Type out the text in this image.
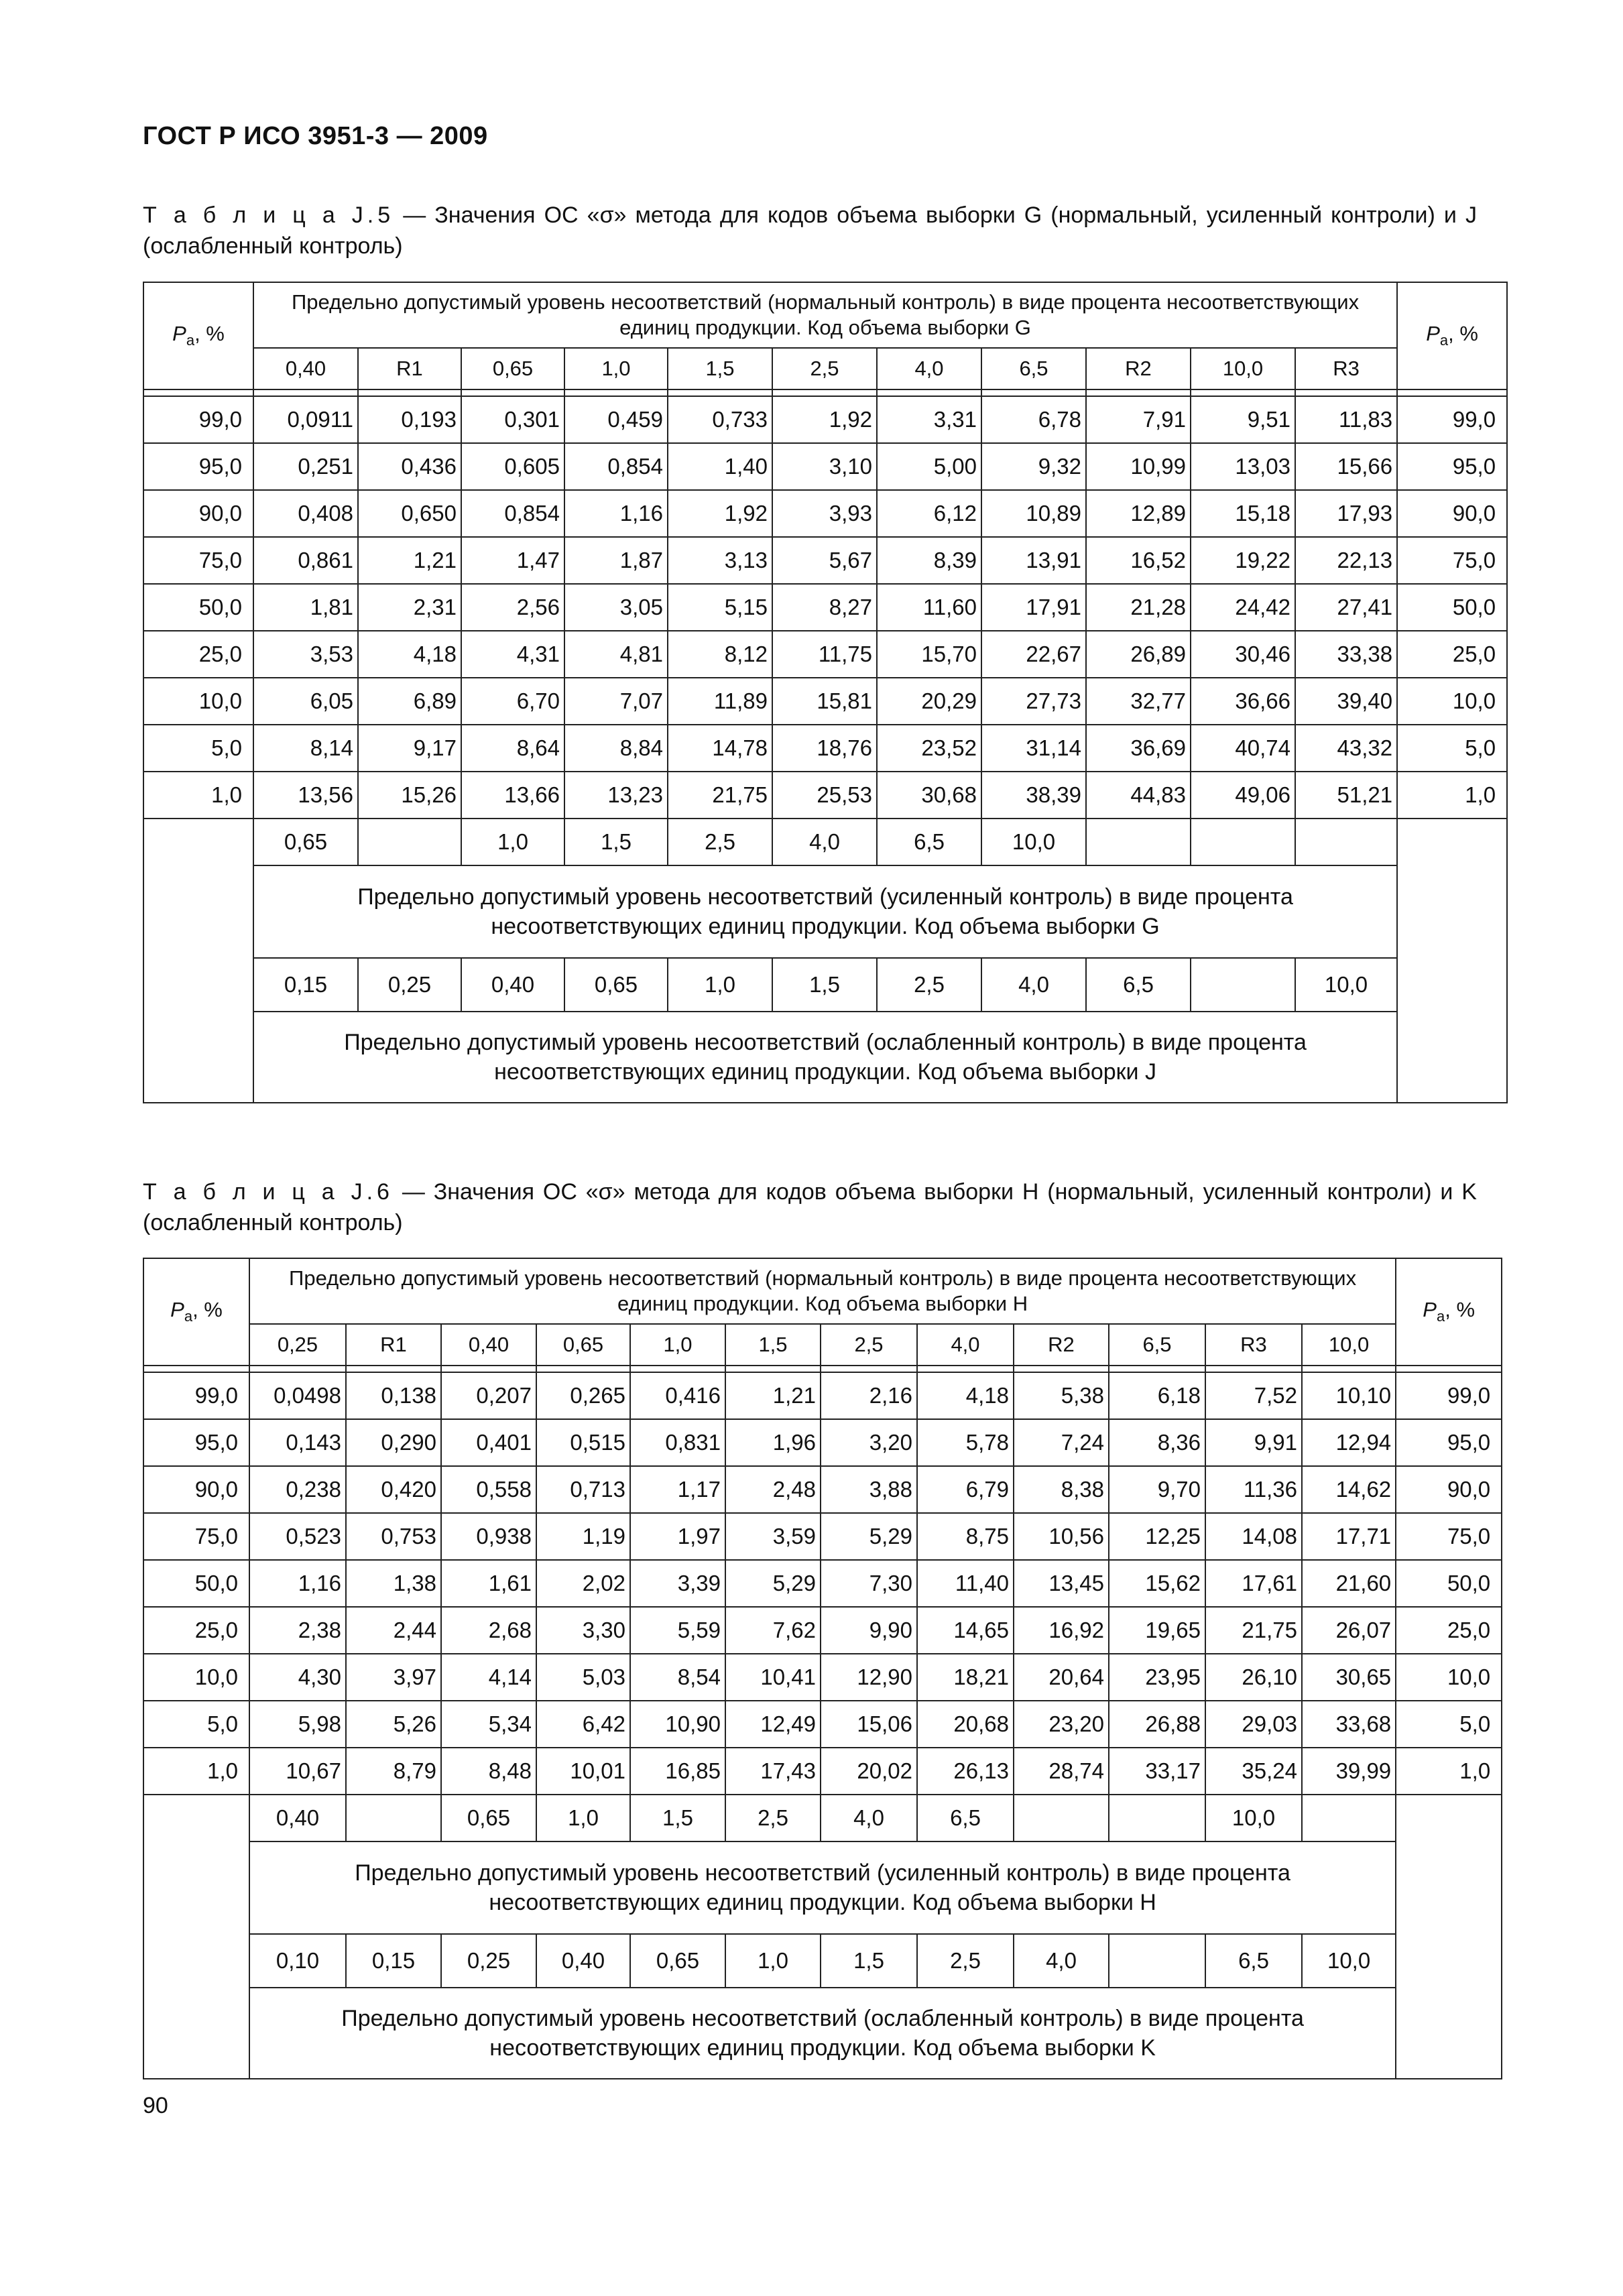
ГОСТ Р ИСО 3951-3 — 2009
Т а б л и ц а J.5 — Значения ОС «σ» метода для кодов объема выборки G (нормальный, усиленный контроли) и J (ослабленный контроль)
$P_a$, %	Предельно допустимый уровень несоответствий (нормальный контроль) в виде процента несоответствующих единиц продукции. Код объема выборки G											$P_a$, %
	0,40	R1	0,65	1,0	1,5	2,5	4,0	6,5	R2	10,0	R3	

99,0	0,0911	0,193	0,301	0,459	0,733	1,92	3,31	6,78	7,91	9,51	11,83	99,0
95,0	0,251	0,436	0,605	0,854	1,40	3,10	5,00	9,32	10,99	13,03	15,66	95,0
90,0	0,408	0,650	0,854	1,16	1,92	3,93	6,12	10,89	12,89	15,18	17,93	90,0
75,0	0,861	1,21	1,47	1,87	3,13	5,67	8,39	13,91	16,52	19,22	22,13	75,0
50,0	1,81	2,31	2,56	3,05	5,15	8,27	11,60	17,91	21,28	24,42	27,41	50,0
25,0	3,53	4,18	4,31	4,81	8,12	11,75	15,70	22,67	26,89	30,46	33,38	25,0
10,0	6,05	6,89	6,70	7,07	11,89	15,81	20,29	27,73	32,77	36,66	39,40	10,0
5,0	8,14	9,17	8,64	8,84	14,78	18,76	23,52	31,14	36,69	40,74	43,32	5,0
1,0	13,56	15,26	13,66	13,23	21,75	25,53	30,68	38,39	44,83	49,06	51,21	1,0
	0,65		1,0	1,5	2,5	4,0	6,5	10,0				
	Предельно допустимый уровень несоответствий (усиленный контроль) в виде процента несоответствующих единиц продукции. Код объема выборки G											
	0,15	0,25	0,40	0,65	1,0	1,5	2,5	4,0	6,5		10,0	
	Предельно допустимый уровень несоответствий (ослабленный контроль) в виде процента несоответствующих единиц продукции. Код объема выборки J											
Т а б л и ц а J.6 — Значения ОС «σ» метода для кодов объема выборки H (нормальный, усиленный контроли) и K (ослабленный контроль)
$P_a$, %	Предельно допустимый уровень несоответствий (нормальный контроль) в виде процента несоответствующих единиц продукции. Код объема выборки H												$P_a$, %
	0,25	R1	0,40	0,65	1,0	1,5	2,5	4,0	R2	6,5	R3	10,0	

99,0	0,0498	0,138	0,207	0,265	0,416	1,21	2,16	4,18	5,38	6,18	7,52	10,10	99,0
95,0	0,143	0,290	0,401	0,515	0,831	1,96	3,20	5,78	7,24	8,36	9,91	12,94	95,0
90,0	0,238	0,420	0,558	0,713	1,17	2,48	3,88	6,79	8,38	9,70	11,36	14,62	90,0
75,0	0,523	0,753	0,938	1,19	1,97	3,59	5,29	8,75	10,56	12,25	14,08	17,71	75,0
50,0	1,16	1,38	1,61	2,02	3,39	5,29	7,30	11,40	13,45	15,62	17,61	21,60	50,0
25,0	2,38	2,44	2,68	3,30	5,59	7,62	9,90	14,65	16,92	19,65	21,75	26,07	25,0
10,0	4,30	3,97	4,14	5,03	8,54	10,41	12,90	18,21	20,64	23,95	26,10	30,65	10,0
5,0	5,98	5,26	5,34	6,42	10,90	12,49	15,06	20,68	23,20	26,88	29,03	33,68	5,0
1,0	10,67	8,79	8,48	10,01	16,85	17,43	20,02	26,13	28,74	33,17	35,24	39,99	1,0
	0,40		0,65	1,0	1,5	2,5	4,0	6,5			10,0		
	Предельно допустимый уровень несоответствий (усиленный контроль) в виде процента несоответствующих единиц продукции. Код объема выборки H												
	0,10	0,15	0,25	0,40	0,65	1,0	1,5	2,5	4,0		6,5	10,0	
	Предельно допустимый уровень несоответствий (ослабленный контроль) в виде процента несоответствующих единиц продукции. Код объема выборки K												
90
